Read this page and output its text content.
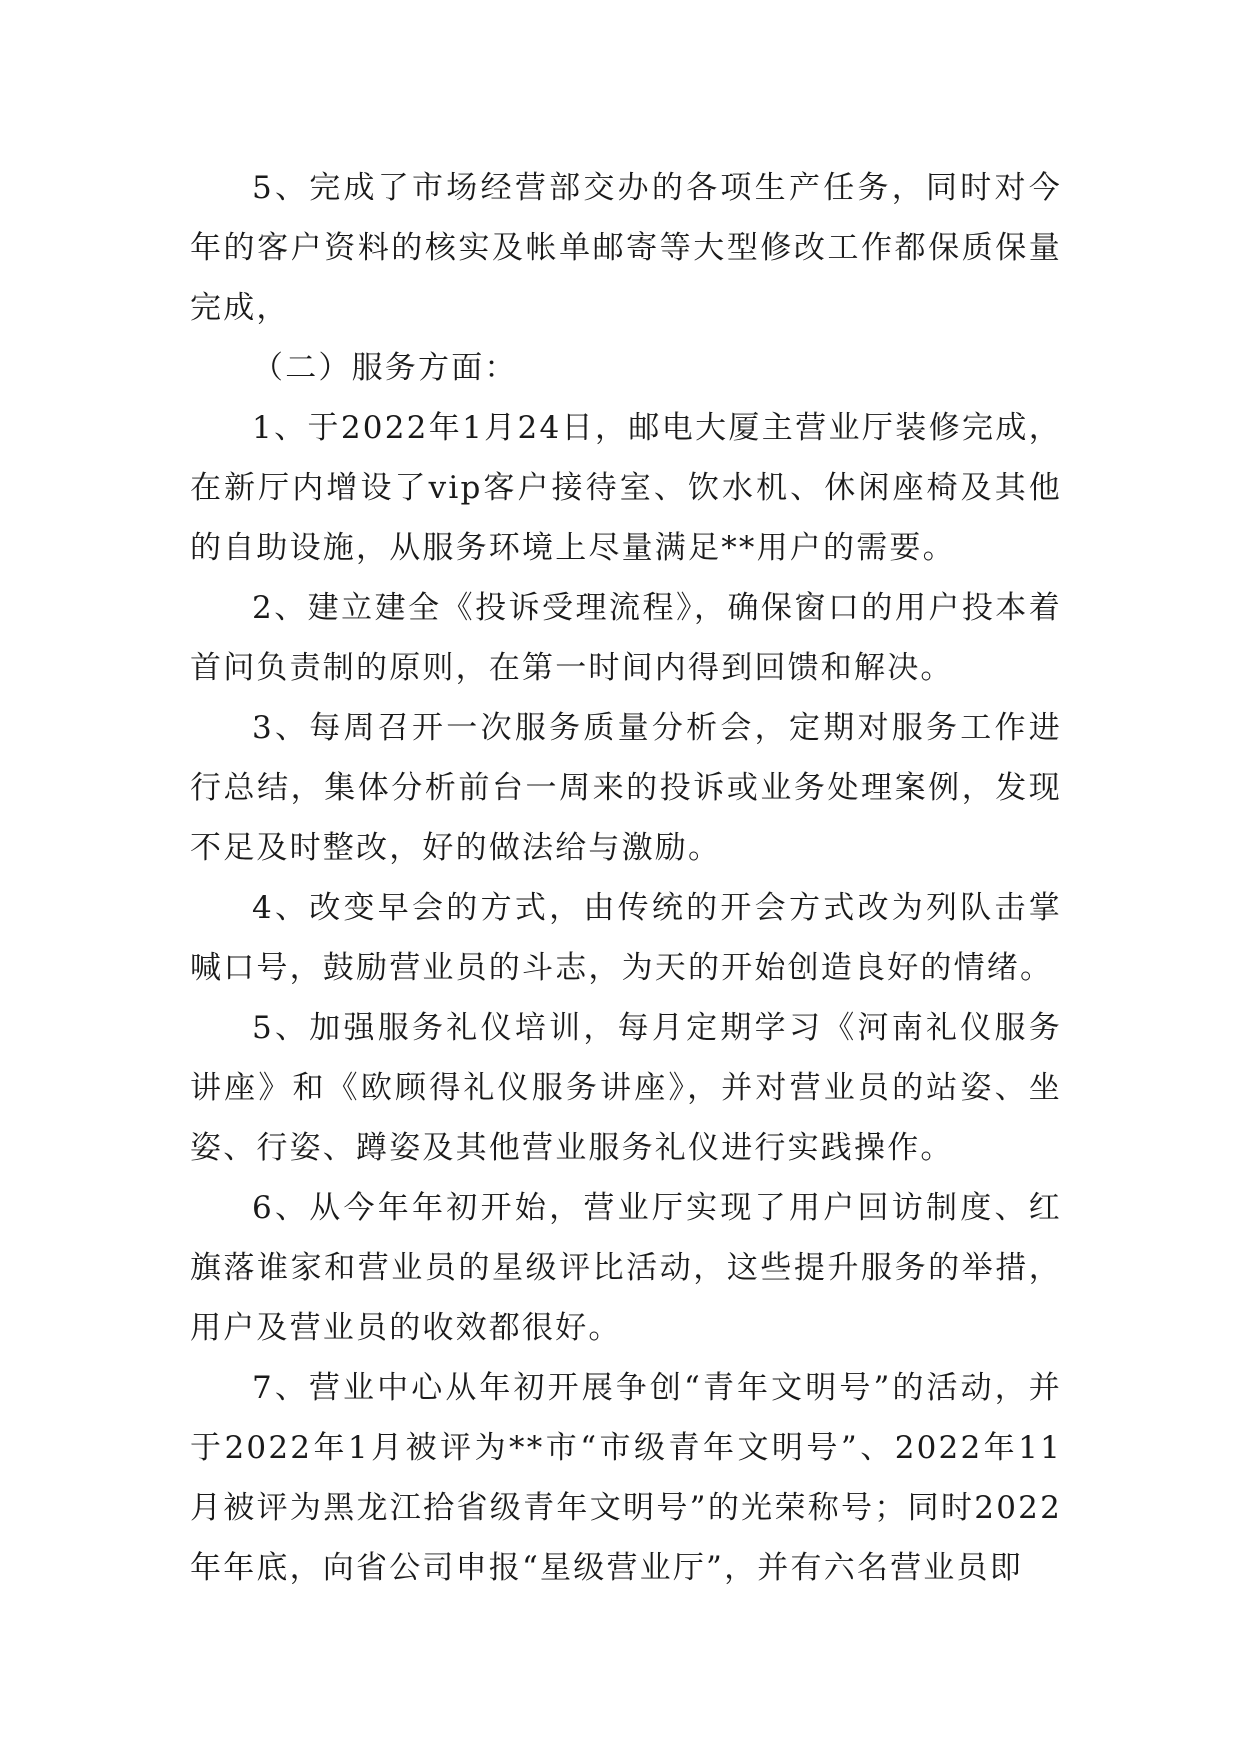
5、完成了市场经营部交办的各项生产任务，同时对今年的客户资料的核实及帐单邮寄等大型修改工作都保质保量完成，

（二）服务方面：

1、于2022年1月24日，邮电大厦主营业厅装修完成，在新厅内增设了vip客户接待室、饮水机、休闲座椅及其他的自助设施，从服务环境上尽量满足**用户的需要。

2、建立建全《投诉受理流程》，确保窗口的用户投本着首问负责制的原则，在第一时间内得到回馈和解决。

3、每周召开一次服务质量分析会，定期对服务工作进行总结，集体分析前台一周来的投诉或业务处理案例，发现不足及时整改，好的做法给与激励。

4、改变早会的方式，由传统的开会方式改为列队击掌喊口号，鼓励营业员的斗志，为天的开始创造良好的情绪。

5、加强服务礼仪培训，每月定期学习《河南礼仪服务讲座》和《欧顾得礼仪服务讲座》，并对营业员的站姿、坐姿、行姿、蹲姿及其他营业服务礼仪进行实践操作。

6、从今年年初开始，营业厅实现了用户回访制度、红旗落谁家和营业员的星级评比活动，这些提升服务的举措，用户及营业员的收效都很好。

7、营业中心从年初开展争创“青年文明号”的活动，并于2022年1月被评为**市“市级青年文明号”、2022年11月被评为黑龙江拾省级青年文明号”的光荣称号；同时2022年年底，向省公司申报“星级营业厅”，并有六名营业员即
